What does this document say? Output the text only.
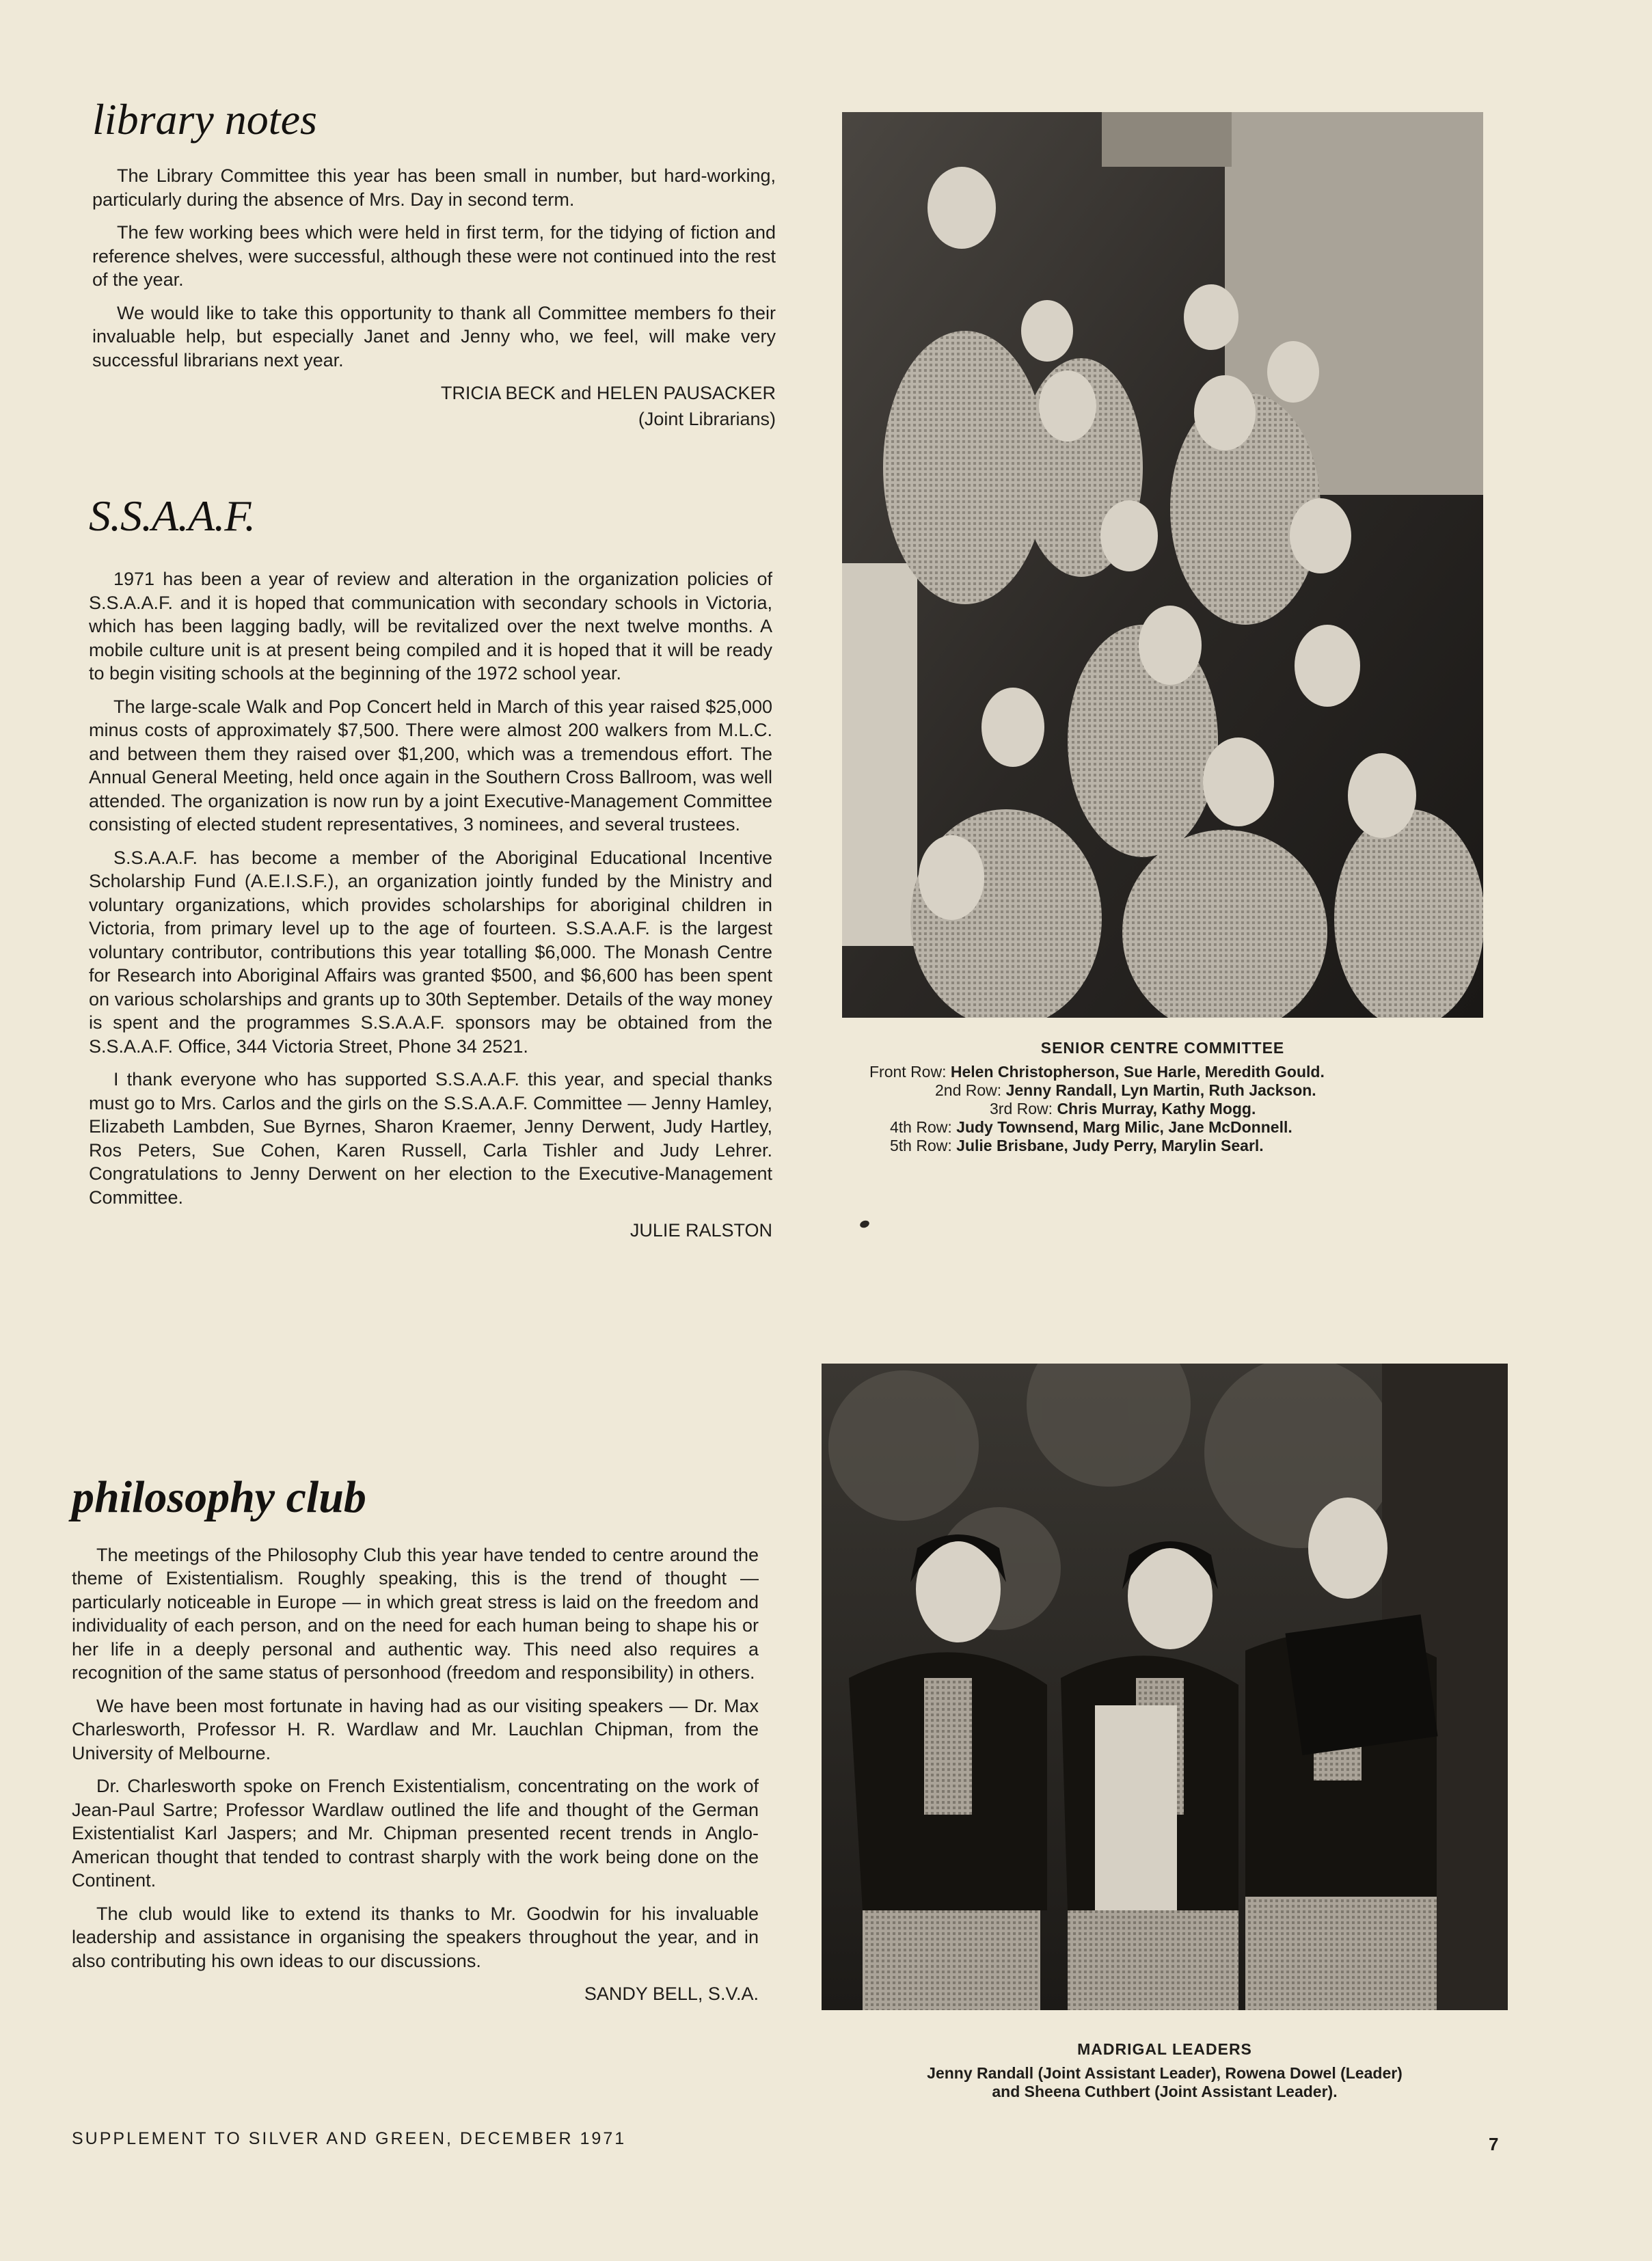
library notes

The Library Committee this year has been small in number, but hard-working, particularly during the absence of Mrs. Day in second term.

The few working bees which were held in first term, for the tidying of fiction and reference shelves, were successful, although these were not continued into the rest of the year.

We would like to take this opportunity to thank all Committee members fo their invaluable help, but especially Janet and Jenny who, we feel, will make very successful librarians next year.

TRICIA BECK and HELEN PAUSACKER
(Joint Librarians)
S.S.A.A.F.

1971 has been a year of review and alteration in the organization policies of S.S.A.A.F. and it is hoped that communication with secondary schools in Victoria, which has been lagging badly, will be revitalized over the next twelve months. A mobile culture unit is at present being compiled and it is hoped that it will be ready to begin visiting schools at the beginning of the 1972 school year.

The large-scale Walk and Pop Concert held in March of this year raised $25,000 minus costs of approximately $7,500. There were almost 200 walkers from M.L.C. and between them they raised over $1,200, which was a tremendous effort. The Annual General Meeting, held once again in the Southern Cross Ballroom, was well attended. The organization is now run by a joint Executive-Management Committee consisting of elected student representatives, 3 nominees, and several trustees.

S.S.A.A.F. has become a member of the Aboriginal Educational Incentive Scholarship Fund (A.E.I.S.F.), an organization jointly funded by the Ministry and voluntary organizations, which provides scholarships for aboriginal children in Victoria, from primary level up to the age of fourteen. S.S.A.A.F. is the largest voluntary contributor, contributions this year totalling $6,000. The Monash Centre for Research into Aboriginal Affairs was granted $500, and $6,600 has been spent on various scholarships and grants up to 30th September. Details of the way money is spent and the programmes S.S.A.A.F. sponsors may be obtained from the S.S.A.A.F. Office, 344 Victoria Street, Phone 34 2521.

I thank everyone who has supported S.S.A.A.F. this year, and special thanks must go to Mrs. Carlos and the girls on the S.S.A.A.F. Committee — Jenny Hamley, Elizabeth Lambden, Sue Byrnes, Sharon Kraemer, Jenny Derwent, Judy Hartley, Ros Peters, Sue Cohen, Karen Russell, Carla Tishler and Judy Lehrer. Congratulations to Jenny Derwent on her election to the Executive-Management Committee.

JULIE RALSTON
philosophy club

The meetings of the Philosophy Club this year have tended to centre around the theme of Existentialism. Roughly speaking, this is the trend of thought — particularly noticeable in Europe — in which great stress is laid on the freedom and individuality of each person, and on the need for each human being to shape his or her life in a deeply personal and authentic way. This need also requires a recognition of the same status of personhood (freedom and responsibility) in others.

We have been most fortunate in having had as our visiting speakers — Dr. Max Charlesworth, Professor H. R. Wardlaw and Mr. Lauchlan Chipman, from the University of Melbourne.

Dr. Charlesworth spoke on French Existentialism, concentrating on the work of Jean-Paul Sartre; Professor Wardlaw outlined the life and thought of the German Existentialist Karl Jaspers; and Mr. Chipman presented recent trends in Anglo-American thought that tended to contrast sharply with the work being done on the Continent.

The club would like to extend its thanks to Mr. Goodwin for his invaluable leadership and assistance in organising the speakers throughout the year, and in also contributing his own ideas to our discussions.

SANDY BELL, S.V.A.
SENIOR CENTRE COMMITTEE
Front Row: Helen Christopherson, Sue Harle, Meredith Gould.
2nd Row: Jenny Randall, Lyn Martin, Ruth Jackson.
3rd Row: Chris Murray, Kathy Mogg.
4th Row: Judy Townsend, Marg Milic, Jane McDonnell.
5th Row: Julie Brisbane, Judy Perry, Marylin Searl.
MADRIGAL LEADERS
Jenny Randall (Joint Assistant Leader), Rowena Dowel (Leader)
and Sheena Cuthbert (Joint Assistant Leader).
SUPPLEMENT TO SILVER AND GREEN, DECEMBER 1971	7
